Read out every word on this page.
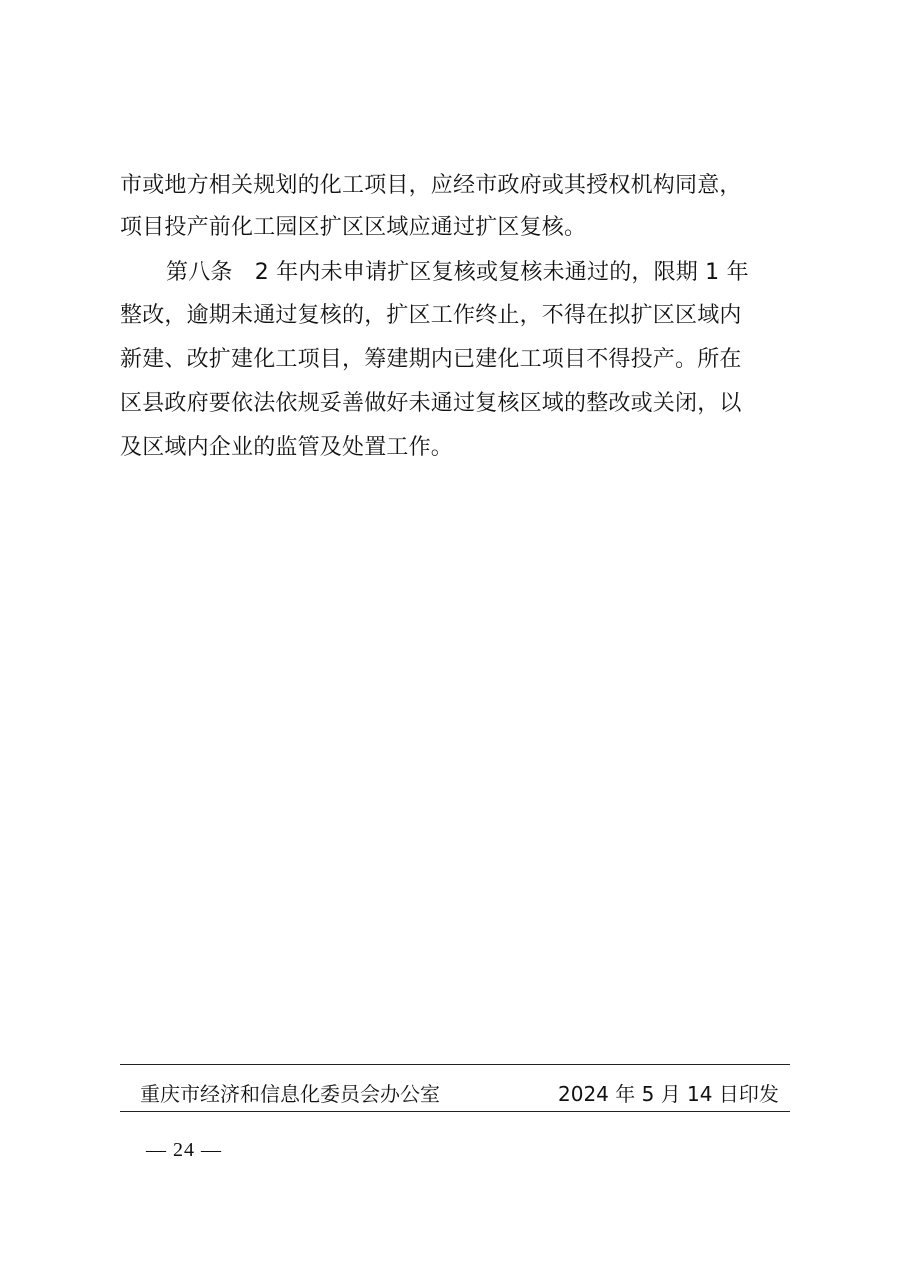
市或地方相关规划的化工项目，应经市政府或其授权机构同意，
项目投产前化工园区扩区区域应通过扩区复核。
第八条　2 年内未申请扩区复核或复核未通过的，限期 1 年
整改，逾期未通过复核的，扩区工作终止，不得在拟扩区区域内
新建、改扩建化工项目，筹建期内已建化工项目不得投产。所在
区县政府要依法依规妥善做好未通过复核区域的整改或关闭，以
及区域内企业的监管及处置工作。
重庆市经济和信息化委员会办公室	2024 年 5 月 14 日印发
— 24 —
